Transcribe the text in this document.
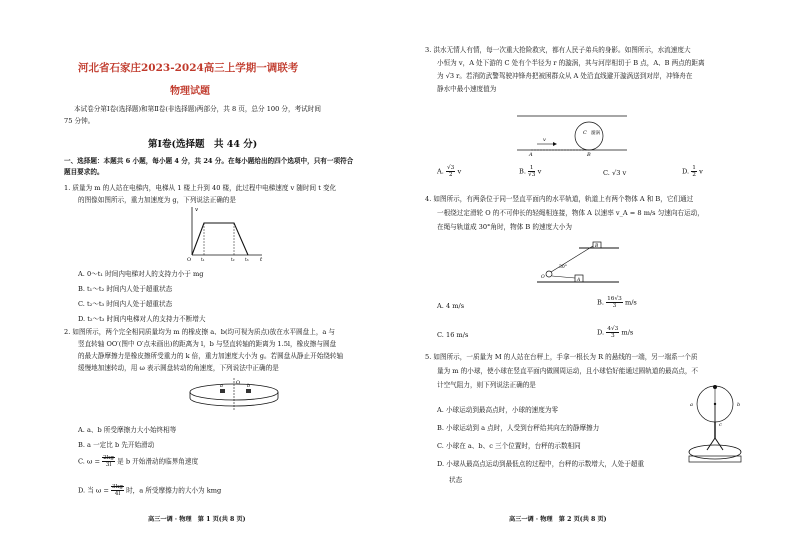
河北省石家庄2023-2024高三上学期一调联考
物理试题
本试卷分第Ⅰ卷(选择题)和第Ⅱ卷(非选择题)两部分，共 8 页，总分 100 分，考试时间
75 分钟。
第Ⅰ卷(选择题　共 44 分)
一、选择题：本题共 6 小题，每小题 4 分，共 24 分。在每小题给出的四个选项中，只有一项符合
题目要求的。
1. 质量为 m 的人站在电梯内，电梯从 1 楼上升到 40 楼，此过程中电梯速度 v 随时间 t 变化
的图像如图所示，重力加速度为 g，下列说法正确的是
v
t
O t₁	t₂ t₃
A. 0～t₁ 时间内电梯对人的支持力小于 mg
B. t₁～t₂ 时间内人处于超重状态
C. t₂～t₃ 时间内人处于超重状态
D. t₂～t₃ 时间内电梯对人的支持力不断增大
2. 如图所示，两个完全相同质量均为 m 的橡皮擦 a、b(均可视为质点)放在水平圆盘上，a 与
竖直转轴 OO′(图中 O′点未画出)的距离为 l，b 与竖直转轴的距离为 1.5l，橡皮擦与圆盘
的最大静摩擦力是橡皮擦所受重力的 k 倍，重力加速度大小为 g。若圆盘从静止开始绕转轴
缓慢地加速转动，用 ω 表示圆盘转动的角速度，下列说法中正确的是
O
a	b
A. a、b 所受摩擦力大小始终相等
B. a 一定比 b 先开始滑动
C. $\omega = \frac{2kg}{3l}$ 是 b 开始滑动的临界角速度
D. 当 $\omega = \frac{3kg}{4l}$ 时，a 所受摩擦力的大小为 kmg
高三一调 · 物理　第 1 页(共 8 页)
3. 洪水无情人有情，每一次重大抢险救灾，都有人民子弟兵的身影。如图所示，水流速度大
小恒为 v，A 处下游的 C 处有个半径为 r 的漩涡，其与河岸相切于 B 点，A、B 两点的距离
为 √3 r。若消防武警驾驶冲锋舟把被困群众从 A 处沿直线避开漩涡送到对岸，冲锋舟在
静水中最小速度值为
A	B
C 漩涡
v
A. $\frac{√3}{2}$ v	B. $\frac{1}{√3}$ v	C. √3 v	D. $\frac{1}{2}$ v
4. 如图所示，有两条位于同一竖直平面内的水平轨道，轨道上有两个物体 A 和 B，它们通过
一根绕过定滑轮 O 的不可伸长的轻绳相连接，物体 A 以速率 v_A = 8 m/s 匀速向右运动，
在绳与轨道成 30°角时，物体 B 的速度大小为
B
A
O
30°
A. 4 m/s	B. $\frac{16√3}{3} m/s$
C. 16 m/s	D. $\frac{4√3}{3} m/s$
5. 如图所示，一质量为 M 的人站在台秤上，手拿一根长为 R 的悬线的一端，另一端系一个质
量为 m 的小球，使小球在竖直平面内做圆周运动，且小球恰好能通过圆轨道的最高点，不
计空气阻力，则下列说法正确的是
A. 小球运动到最高点时，小球的速度为零
B. 小球运动到 a 点时，人受到台秤给其向左的静摩擦力
C. 小球在 a、b、c 三个位置时，台秤的示数相同
D. 小球从最高点运动到最低点的过程中，台秤的示数增大，人处于超重
状态
a	b
c
高三一调 · 物理　第 2 页(共 8 页)
